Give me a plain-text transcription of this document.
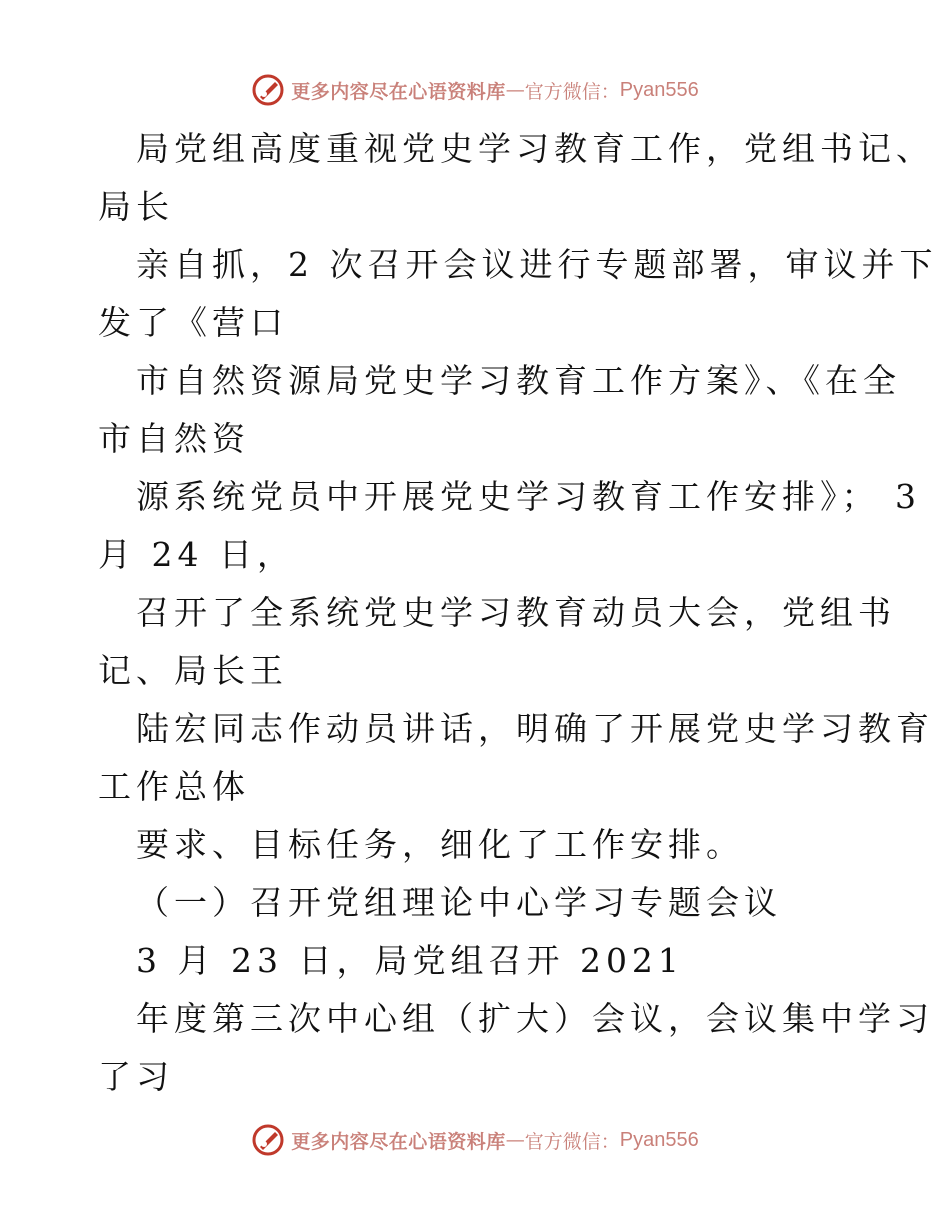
更多内容尽在心语资料库 — 官方微信： Pyan556
局党组高度重视党史学习教育工作，党组书记、
局长
亲自抓，2 次召开会议进行专题部署，审议并下
发了《营口
市自然资源局党史学习教育工作方案》、《在全
市自然资
源系统党员中开展党史学习教育工作安排》； 3
月 24 日，
召开了全系统党史学习教育动员大会，党组书
记、局长王
陆宏同志作动员讲话，明确了开展党史学习教育
工作总体
要求、目标任务，细化了工作安排。
（一）召开党组理论中心学习专题会议
3 月 23 日，局党组召开 2021
年度第三次中心组（扩大）会议，会议集中学习
了习
更多内容尽在心语资料库 — 官方微信： Pyan556
